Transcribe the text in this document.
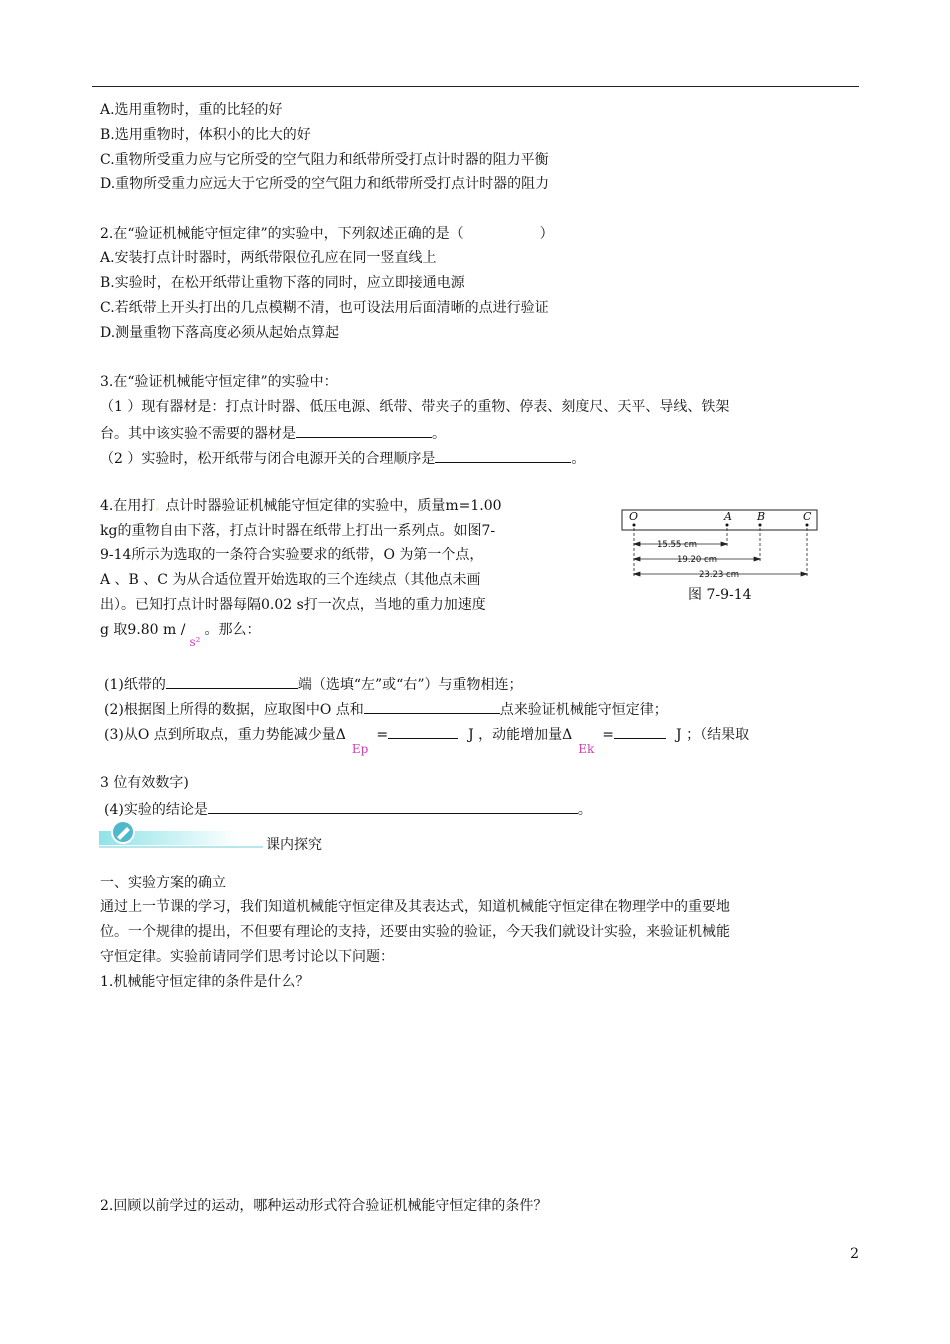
A.选用重物时，重的比轻的好
B.选用重物时，体积小的比大的好
C.重物所受重力应与它所受的空气阻力和纸带所受打点计时器的阻力平衡
D.重物所受重力应远大于它所受的空气阻力和纸带所受打点计时器的阻力
2.在“验证机械能守恒定律”的实验中，下列叙述正确的是（	）
A.安装打点计时器时，两纸带限位孔应在同一竖直线上
B.实验时，在松开纸带让重物下落的同时，应立即接通电源
C.若纸带上开头打出的几点模糊不清，也可设法用后面清晰的点进行验证
D.测量重物下落高度必须从起始点算起
3.在“验证机械能守恒定律”的实验中：
（1 ）现有器材是：打点计时器、低压电源、纸带、带夹子的重物、停表、刻度尺、天平、导线、铁架
台。其中该实验不需要的器材是	。
（2 ）实验时，松开纸带与闭合电源开关的合理顺序是	。
4.在用打。点计时器验证机械能守恒定律的实验中，质量m=1.00
kg的重物自由下落，打点计时器在纸带上打出一系列点。如图7-
9-14所示为选取的一条符合实验要求的纸带，O 为第一个点，
A 、B 、C 为从合适位置开始选取的三个连续点（其他点未画
出）。已知打点计时器每隔0.02 s打一次点，当地的重力加速度
g 取9.80 m /s²。那么：
O	A B	C
15.55 cm
19.20 cm
23.23 cm
图 7-9-14
(1)纸带的	端（选填“左”或“右”）与重物相连；
(2)根据图上所得的数据，应取图中O 点和	点来验证机械能守恒定律；
(3)从O 点到所取点，重力势能减少量ΔEp=	J ，动能增加量ΔEk=	J ；（结果取
3 位有效数字)
(4)实验的结论是	。
课内探究
一、实验方案的确立
通过上一节课的学习，我们知道机械能守恒定律及其表达式，知道机械能守恒定律在物理学中的重要地
位。一个规律的提出，不但要有理论的支持，还要由实验的验证，今天我们就设计实验，来验证机械能
守恒定律。实验前请同学们思考讨论以下问题：
1.机械能守恒定律的条件是什么？
2.回顾以前学过的运动，哪种运动形式符合验证机械能守恒定律的条件？
2
